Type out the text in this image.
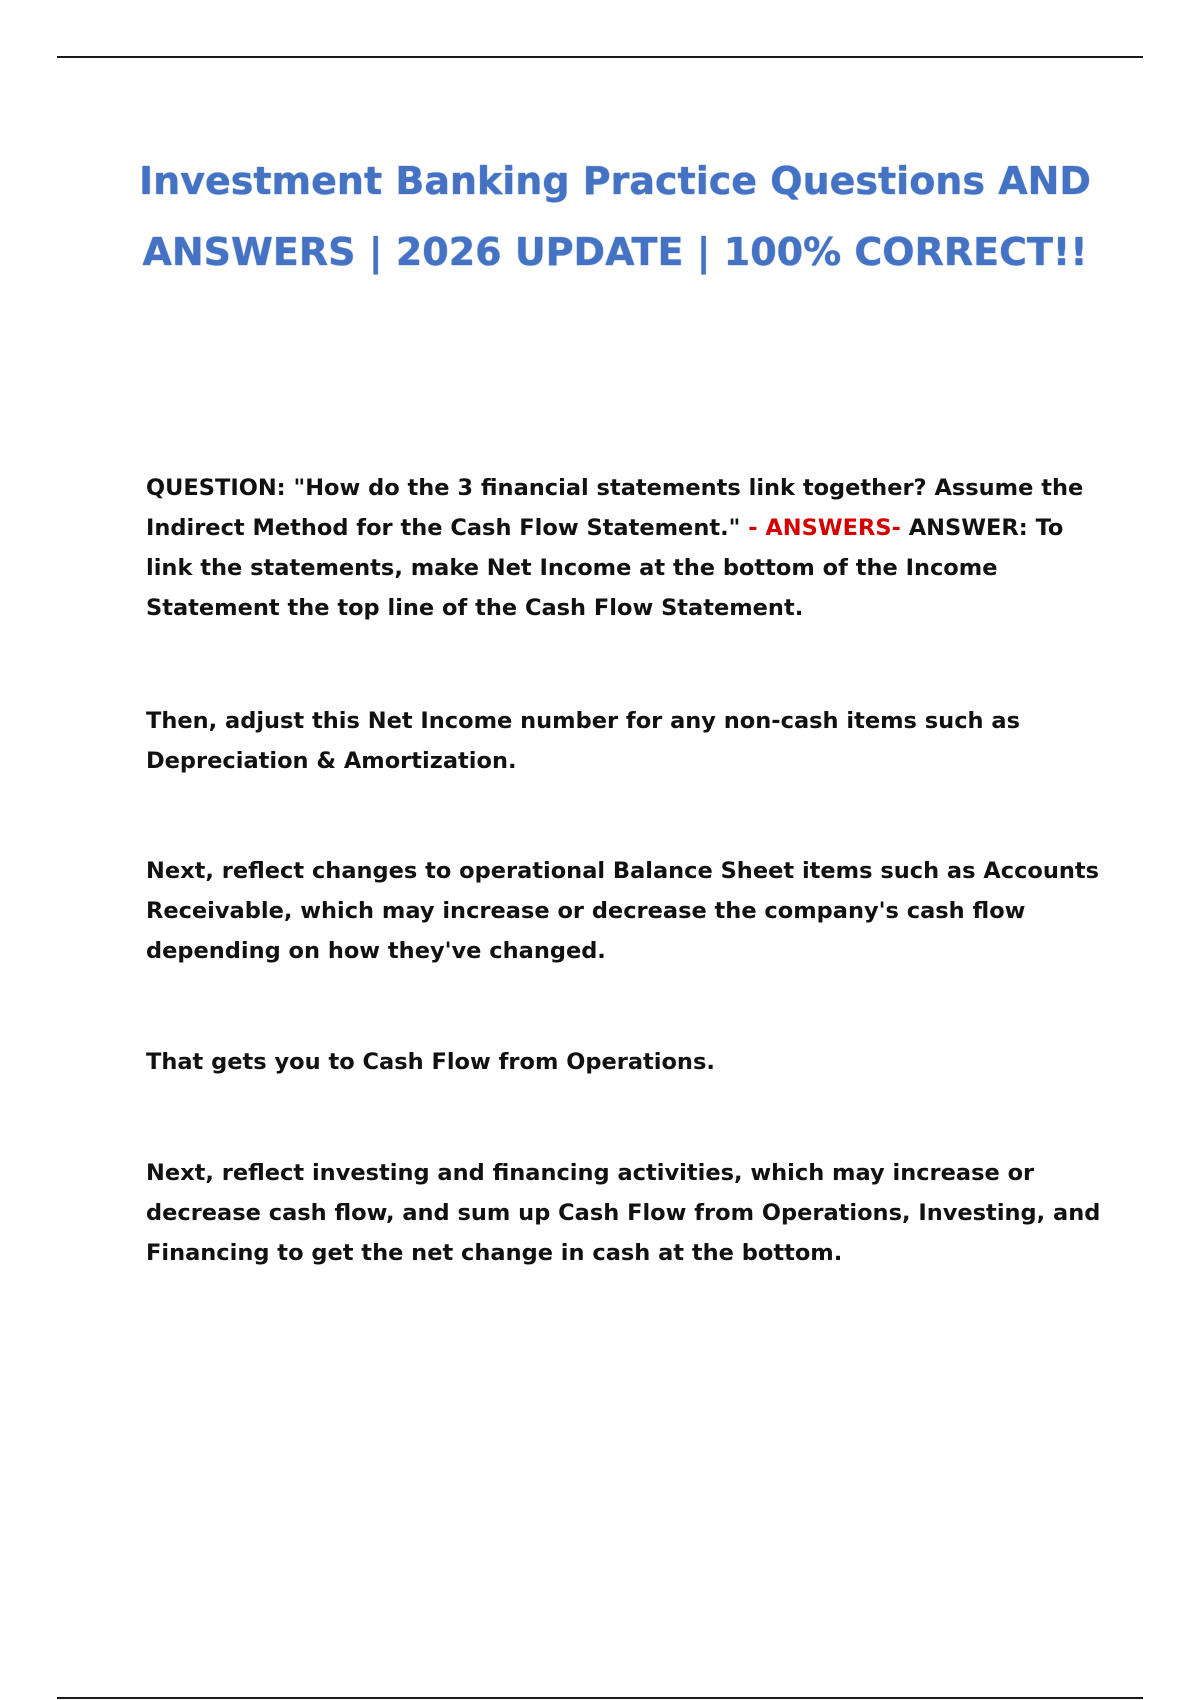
Investment Banking Practice Questions AND ANSWERS | 2026 UPDATE | 100% CORRECT!!

QUESTION: "How do the 3 financial statements link together? Assume the Indirect Method for the Cash Flow Statement." - ANSWERS- ANSWER: To link the statements, make Net Income at the bottom of the Income Statement the top line of the Cash Flow Statement.

Then, adjust this Net Income number for any non-cash items such as Depreciation & Amortization.

Next, reflect changes to operational Balance Sheet items such as Accounts Receivable, which may increase or decrease the company's cash flow depending on how they've changed.

That gets you to Cash Flow from Operations.

Next, reflect investing and financing activities, which may increase or decrease cash flow, and sum up Cash Flow from Operations, Investing, and Financing to get the net change in cash at the bottom.
